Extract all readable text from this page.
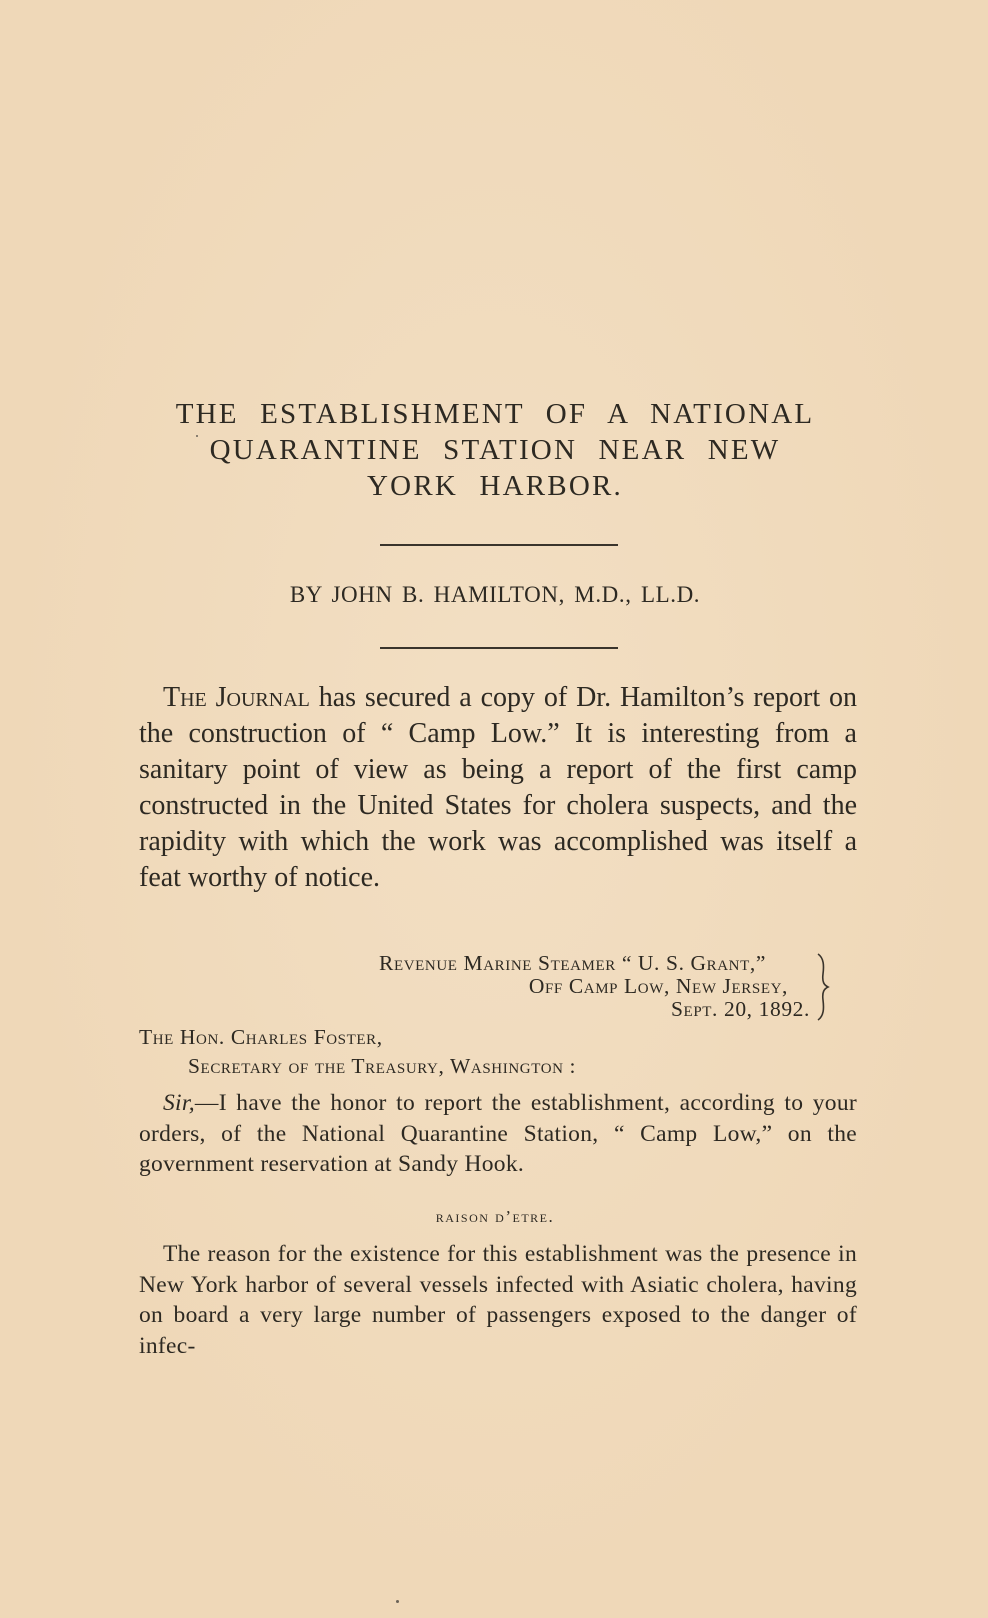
THE ESTABLISHMENT OF A NATIONAL
QUARANTINE STATION NEAR NEW
YORK HARBOR.
BY JOHN B. HAMILTON, M.D., LL.D.

The Journal has secured a copy of Dr. Hamilton’s report on the construction of “ Camp Low.” It is interesting from a sanitary point of view as being a report of the first camp constructed in the United States for cholera suspects, and the rapidity with which the work was accomplished was itself a feat worthy of notice.

Revenue Marine Steamer “ U. S. Grant,”
Off Camp Low, New Jersey,
Sept. 20, 1892.
The Hon. Charles Foster,
Secretary of the Treasury, Washington :

Sir,—I have the honor to report the establishment, according to your orders, of the National Quarantine Station, “ Camp Low,” on the government reservation at Sandy Hook.

raison d’etre.

The reason for the existence for this establishment was the presence in New York harbor of several vessels infected with Asiatic cholera, having on board a very large number of passengers exposed to the danger of infec-
